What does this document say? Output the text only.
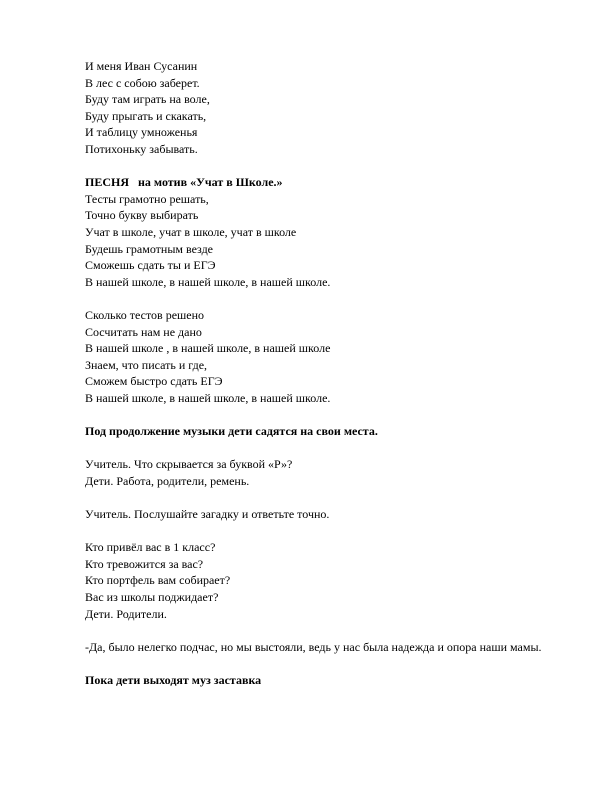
И меня Иван Сусанин
В лес с собою заберет.
Буду там играть на воле,
Буду прыгать и скакать,
И таблицу умноженья
Потихоньку забывать.
ПЕСНЯ на мотив «Учат в Школе.»
Тесты грамотно решать,
Точно букву выбирать
Учат в школе, учат в школе, учат в школе
Будешь грамотным везде
Сможешь сдать ты и ЕГЭ
В нашей школе, в нашей школе, в нашей школе.
Сколько тестов решено
Сосчитать нам не дано
В нашей школе , в нашей школе, в нашей школе
Знаем, что писать и где,
Сможем быстро сдать ЕГЭ
В нашей школе, в нашей школе, в нашей школе.
Под продолжение музыки дети садятся на свои места.
Учитель. Что скрывается за буквой «Р»?
Дети. Работа, родители, ремень.
Учитель. Послушайте загадку и ответьте точно.
Кто привёл вас в 1 класс?
Кто тревожится за вас?
Кто портфель вам собирает?
Вас из школы поджидает?
Дети. Родители.
-Да, было нелегко подчас, но мы выстояли, ведь у нас была надежда и опора наши мамы.
Пока дети выходят муз заставка
